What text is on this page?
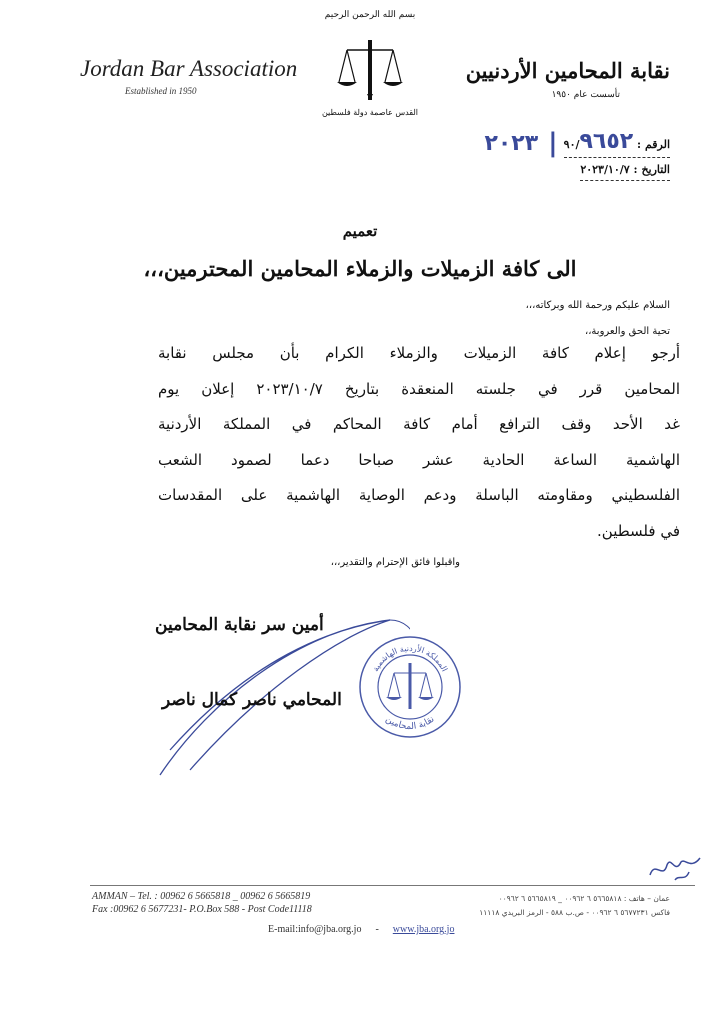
Jordan Bar Association
Established in 1950
بسم الله الرحمن الرحيم
القدس عاصمة دولة فلسطين
نقابة المحامين الأردنيين
تأسست عام ١٩٥٠
الرقم : ٩٠/٩٦٥٢
|
٢٠٢٣
التاريخ : ٢٠٢٣/١٠/٧
تعميم
الى كافة الزميلات والزملاء المحامين المحترمين،،،
السلام عليكم ورحمة الله وبركاته،،،
تحية الحق والعروبة،،
أرجو إعلام كافة الزميلات والزملاء الكرام بأن مجلس نقابة
المحامين قرر في جلسته المنعقدة بتاريخ ٢٠٢٣/١٠/٧ إعلان يوم
غد الأحد وقف الترافع أمام كافة المحاكم في المملكة الأردنية
الهاشمية الساعة الحادية عشر صباحا دعما لصمود الشعب
الفلسطيني ومقاومته الباسلة ودعم الوصاية الهاشمية على المقدسات
في فلسطين.
واقبلوا فائق الإحترام والتقدير،،،
أمين سر نقابة المحامين
المحامي ناصر كمال ناصر
المملكة الأردنية الهاشمية
نقابة المحامين
AMMAN – Tel. : 00962 6 5665818 _ 00962 6 5665819
Fax :00962 6 5677231- P.O.Box 588 - Post Code11118
عمان – هاتف : ٥٦٦٥٨١٨ ٦ ٠٠٩٦٢ _ ٥٦٦٥٨١٩ ٦ ٠٠٩٦٢
فاكس ٥٦٧٧٢٣١ ٦ ٠٠٩٦٢ - ص.ب ٥٨٨ - الرمز البريدي ١١١١٨
E-mail:info@jba.org.jo - www.jba.org.jo
